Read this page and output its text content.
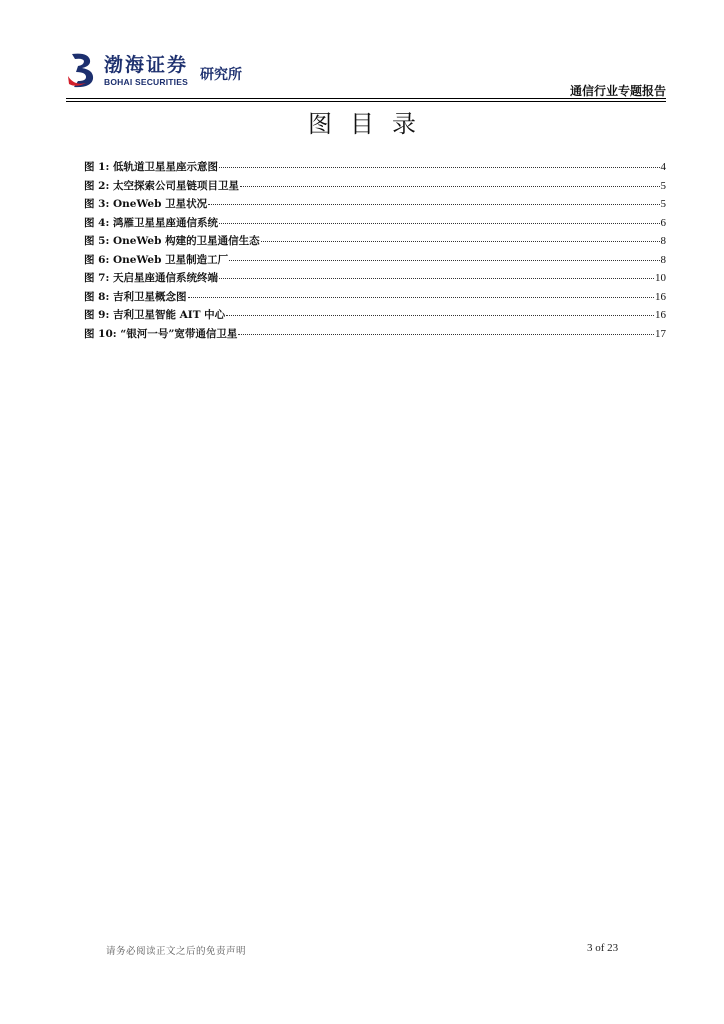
渤海证券
BOHAI SECURITIES 研究所
通信行业专题报告
图目录
图 1: 低轨道卫星星座示意图	4
图 2: 太空探索公司星链项目卫星	5
图 3: OneWeb 卫星状况	5
图 4: 鸿雁卫星星座通信系统	6
图 5: OneWeb 构建的卫星通信生态	8
图 6: OneWeb 卫星制造工厂	8
图 7: 天启星座通信系统终端	10
图 8: 吉利卫星概念图	16
图 9: 吉利卫星智能 AIT 中心	16
图 10: “银河一号”宽带通信卫星	17
请务必阅读正文之后的免责声明	3 of 23
